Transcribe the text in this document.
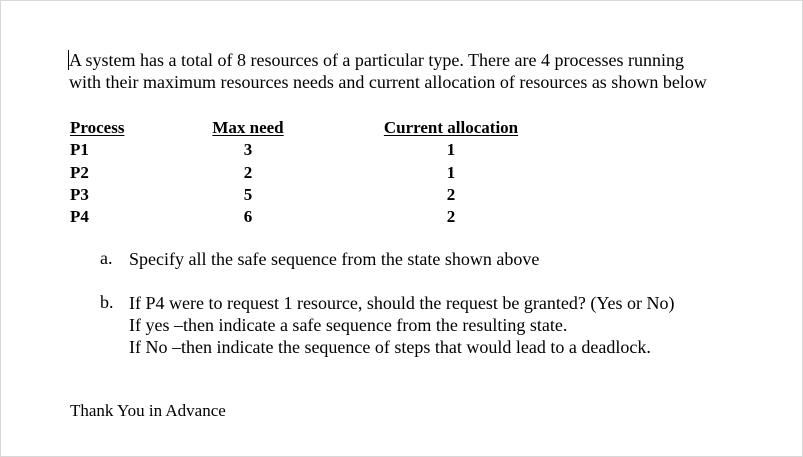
A system has a total of 8 resources of a particular type. There are 4 processes running
with their maximum resources needs and current allocation of resources as shown below
Process	Max need	Current allocation
P1	3	1
P2	2	1
P3	5	2
P4	6	2
a. Specify all the safe sequence from the state shown above
b. If P4 were to request 1 resource, should the request be granted? (Yes or No)
If yes –then indicate a safe sequence from the resulting state.
If No –then indicate the sequence of steps that would lead to a deadlock.
Thank You in Advance
